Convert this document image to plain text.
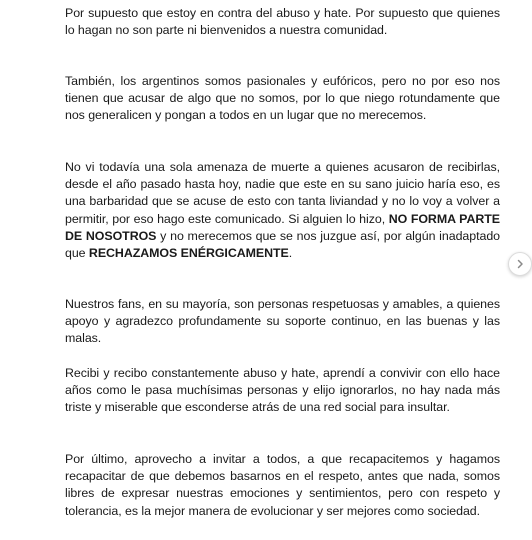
Por supuesto que estoy en contra del abuso y hate. Por supuesto que quienes lo hagan no son parte ni bienvenidos a nuestra comunidad.

También, los argentinos somos pasionales y eufóricos, pero no por eso nos tienen que acusar de algo que no somos, por lo que niego rotundamente que nos generalicen y pongan a todos en un lugar que no merecemos.

No vi todavía una sola amenaza de muerte a quienes acusaron de recibirlas, desde el año pasado hasta hoy, nadie que este en su sano juicio haría eso, es una barbaridad que se acuse de esto con tanta liviandad y no lo voy a volver a permitir, por eso hago este comunicado. Si alguien lo hizo, NO FORMA PARTE DE NOSOTROS y no merecemos que se nos juzgue así, por algún inadaptado que RECHAZAMOS ENÉRGICAMENTE.

Nuestros fans, en su mayoría, son personas respetuosas y amables, a quienes apoyo y agradezco profundamente su soporte continuo, en las buenas y las malas.

Recibi y recibo constantemente abuso y hate, aprendí a convivir con ello hace años como le pasa muchísimas personas y elijo ignorarlos, no hay nada más triste y miserable que esconderse atrás de una red social para insultar.

Por último, aprovecho a invitar a todos, a que recapacitemos y hagamos recapacitar de que debemos basarnos en el respeto, antes que nada, somos libres de expresar nuestras emociones y sentimientos, pero con respeto y tolerancia, es la mejor manera de evolucionar y ser mejores como sociedad.
